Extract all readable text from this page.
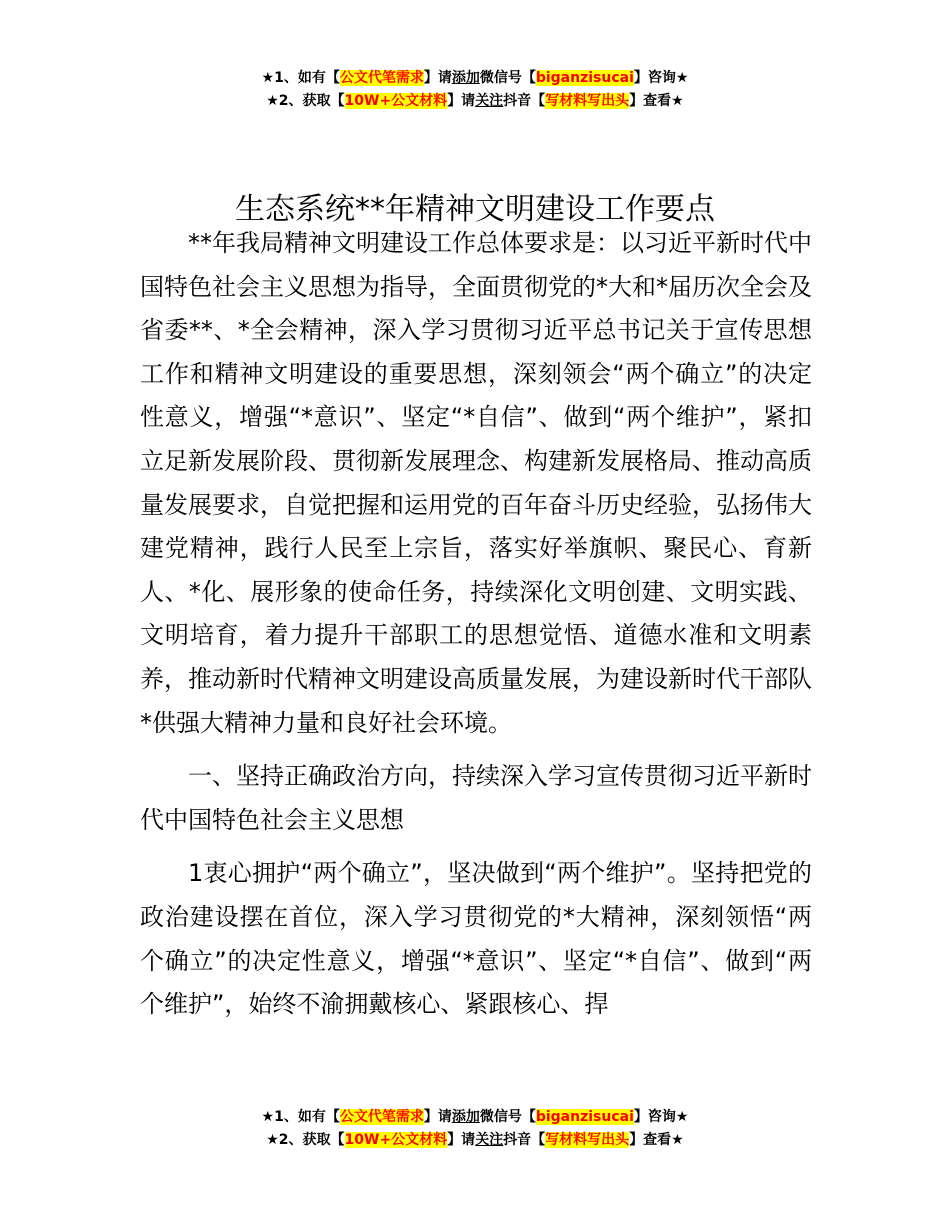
★1、如有【公文代笔需求】请添加微信号【biganzisucai】咨询★
★2、获取【10W+公文材料】请关注抖音【写材料写出头】查看★
生态系统**年精神文明建设工作要点

**年我局精神文明建设工作总体要求是：以习近平新时代中国特色社会主义思想为指导，全面贯彻党的*大和*届历次全会及省委**、*全会精神，深入学习贯彻习近平总书记关于宣传思想工作和精神文明建设的重要思想，深刻领会“两个确立”的决定性意义，增强“*意识”、坚定“*自信”、做到“两个维护”，紧扣立足新发展阶段、贯彻新发展理念、构建新发展格局、推动高质量发展要求，自觉把握和运用党的百年奋斗历史经验，弘扬伟大建党精神，践行人民至上宗旨，落实好举旗帜、聚民心、育新人、*化、展形象的使命任务，持续深化文明创建、文明实践、文明培育，着力提升干部职工的思想觉悟、道德水准和文明素养，推动新时代精神文明建设高质量发展，为建设新时代干部队*供强大精神力量和良好社会环境。

一、坚持正确政治方向，持续深入学习宣传贯彻习近平新时代中国特色社会主义思想

1衷心拥护“两个确立”，坚决做到“两个维护”。坚持把党的政治建设摆在首位，深入学习贯彻党的*大精神，深刻领悟“两个确立”的决定性意义，增强“*意识”、坚定“*自信”、做到“两个维护”，始终不渝拥戴核心、紧跟核心、捍

★1、如有【公文代笔需求】请添加微信号【biganzisucai】咨询★
★2、获取【10W+公文材料】请关注抖音【写材料写出头】查看★
